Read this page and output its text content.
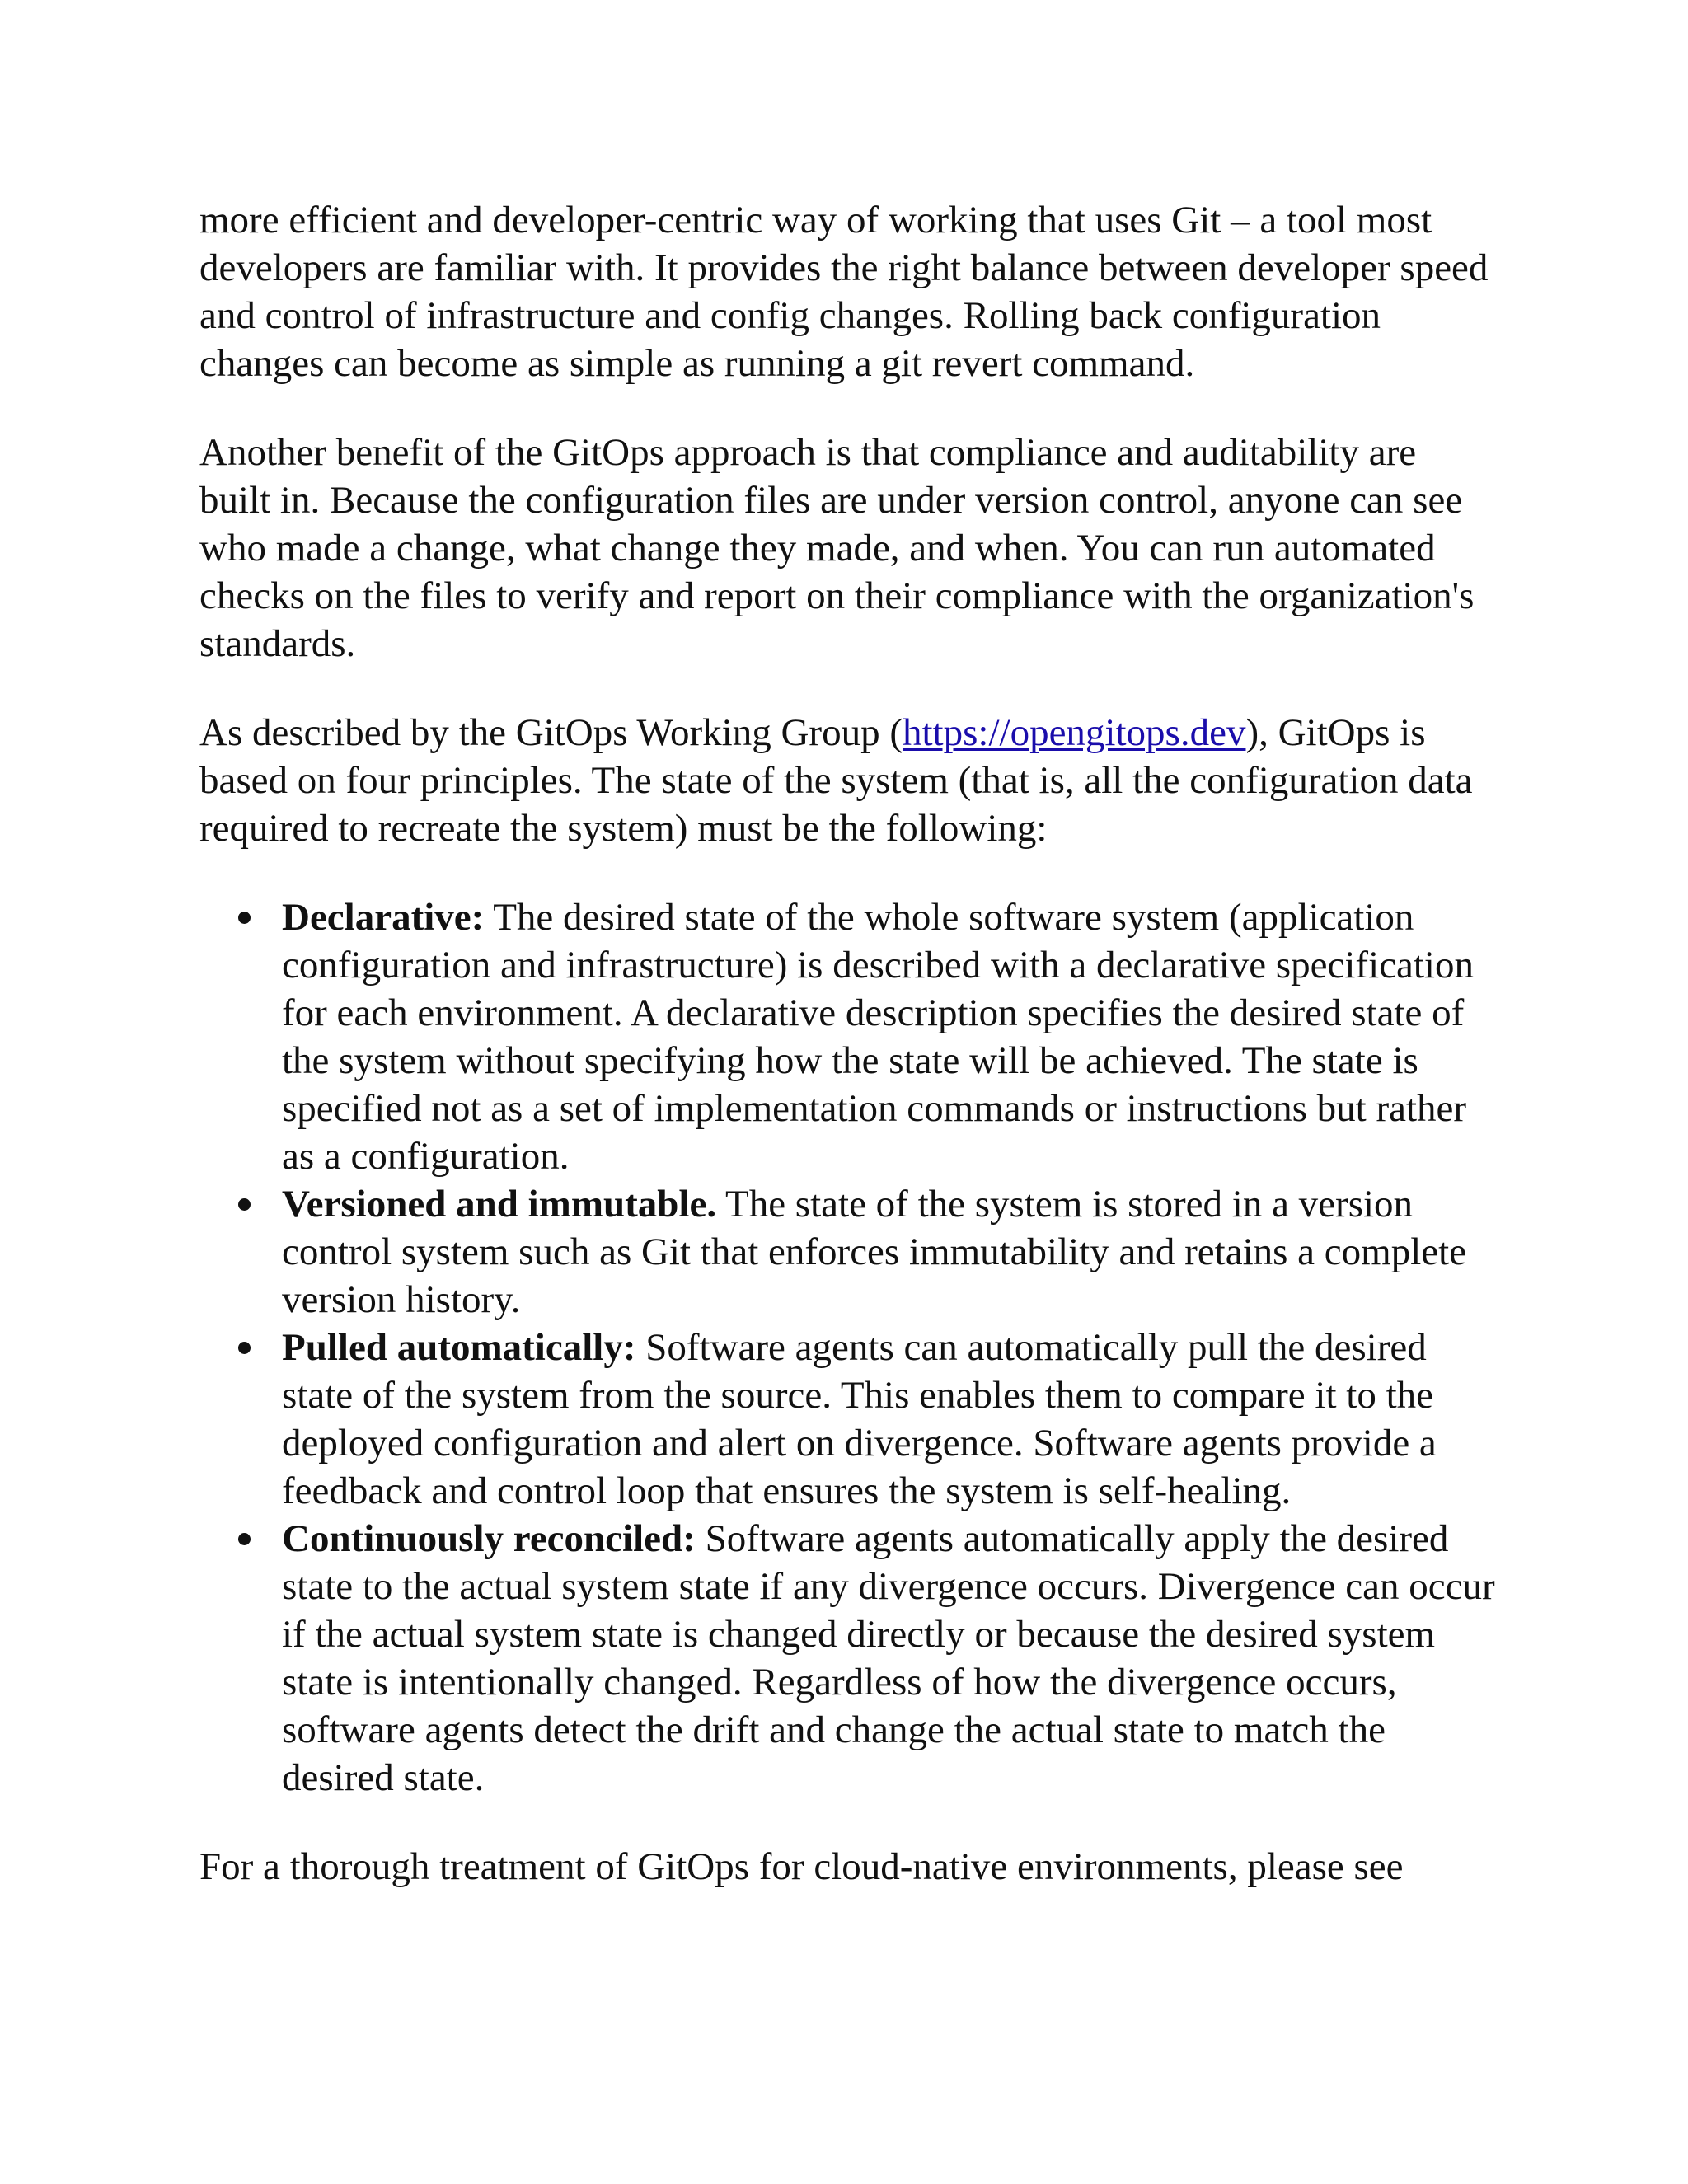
more efficient and developer-centric way of working that uses Git – a tool most developers are familiar with. It provides the right balance between developer speed and control of infrastructure and config changes. Rolling back configuration changes can become as simple as running a git revert command.

Another benefit of the GitOps approach is that compliance and auditability are built in. Because the configuration files are under version control, anyone can see who made a change, what change they made, and when. You can run automated checks on the files to verify and report on their compliance with the organization's standards.

As described by the GitOps Working Group (https://opengitops.dev), GitOps is based on four principles. The state of the system (that is, all the configuration data required to recreate the system) must be the following:

Declarative: The desired state of the whole software system (application configuration and infrastructure) is described with a declarative specification for each environment. A declarative description specifies the desired state of the system without specifying how the state will be achieved. The state is specified not as a set of implementation commands or instructions but rather as a configuration.
Versioned and immutable. The state of the system is stored in a version control system such as Git that enforces immutability and retains a complete version history.
Pulled automatically: Software agents can automatically pull the desired state of the system from the source. This enables them to compare it to the deployed configuration and alert on divergence. Software agents provide a feedback and control loop that ensures the system is self-healing.
Continuously reconciled: Software agents automatically apply the desired state to the actual system state if any divergence occurs. Divergence can occur if the actual system state is changed directly or because the desired system state is intentionally changed. Regardless of how the divergence occurs, software agents detect the drift and change the actual state to match the desired state.

For a thorough treatment of GitOps for cloud-native environments, please see
